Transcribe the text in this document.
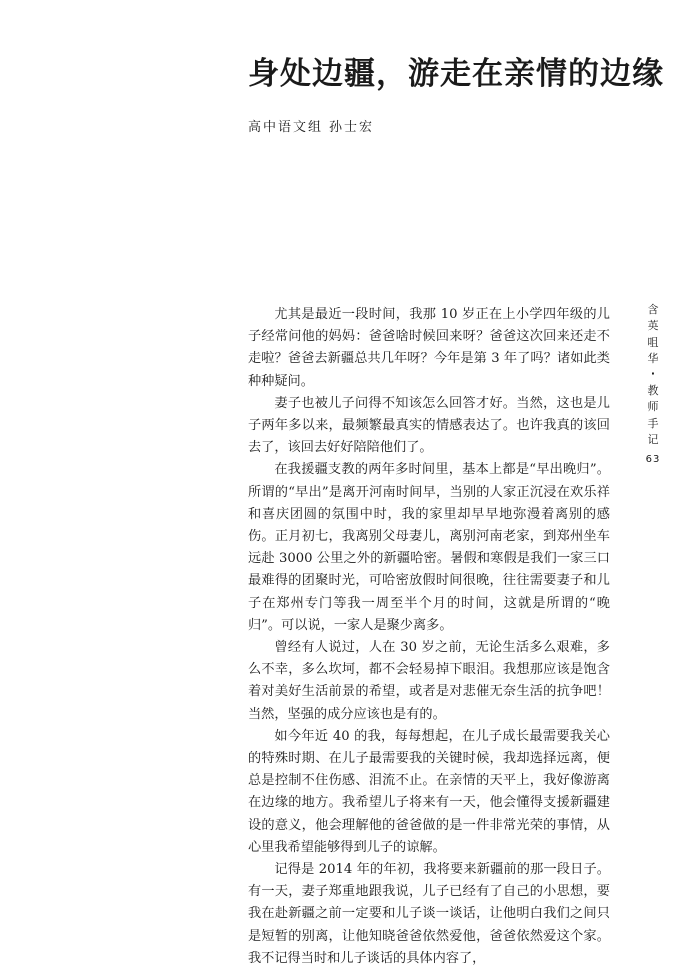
身处边疆，游走在亲情的边缘
高中语文组 孙士宏

尤其是最近一段时间，我那 10 岁正在上小学四年级的儿子经常问他的妈妈：爸爸啥时候回来呀？爸爸这次回来还走不走啦？爸爸去新疆总共几年呀？今年是第 3 年了吗？诸如此类种种疑问。

妻子也被儿子问得不知该怎么回答才好。当然，这也是儿子两年多以来，最频繁最真实的情感表达了。也许我真的该回去了，该回去好好陪陪他们了。

在我援疆支教的两年多时间里，基本上都是“早出晚归”。所谓的“早出”是离开河南时间早，当别的人家正沉浸在欢乐祥和喜庆团圆的氛围中时，我的家里却早早地弥漫着离别的感伤。正月初七，我离别父母妻儿，离别河南老家，到郑州坐车远赴 3000 公里之外的新疆哈密。暑假和寒假是我们一家三口最难得的团聚时光，可哈密放假时间很晚，往往需要妻子和儿子在郑州专门等我一周至半个月的时间，这就是所谓的“晚归”。可以说，一家人是聚少离多。

曾经有人说过，人在 30 岁之前，无论生活多么艰难，多么不幸，多么坎坷，都不会轻易掉下眼泪。我想那应该是饱含着对美好生活前景的希望，或者是对悲催无奈生活的抗争吧！当然，坚强的成分应该也是有的。

如今年近 40 的我，每每想起，在儿子成长最需要我关心的特殊时期、在儿子最需要我的关键时候，我却选择远离，便总是控制不住伤感、泪流不止。在亲情的天平上，我好像游离在边缘的地方。我希望儿子将来有一天，他会懂得支援新疆建设的意义，他会理解他的爸爸做的是一件非常光荣的事情，从心里我希望能够得到儿子的谅解。

记得是 2014 年的年初，我将要来新疆前的那一段日子。有一天，妻子郑重地跟我说，儿子已经有了自己的小思想，要我在赴新疆之前一定要和儿子谈一谈话，让他明白我们之间只是短暂的别离，让他知晓爸爸依然爱他，爸爸依然爱这个家。我不记得当时和儿子谈话的具体内容了，

含
英
咀
华
·
教
师
手
记
63
